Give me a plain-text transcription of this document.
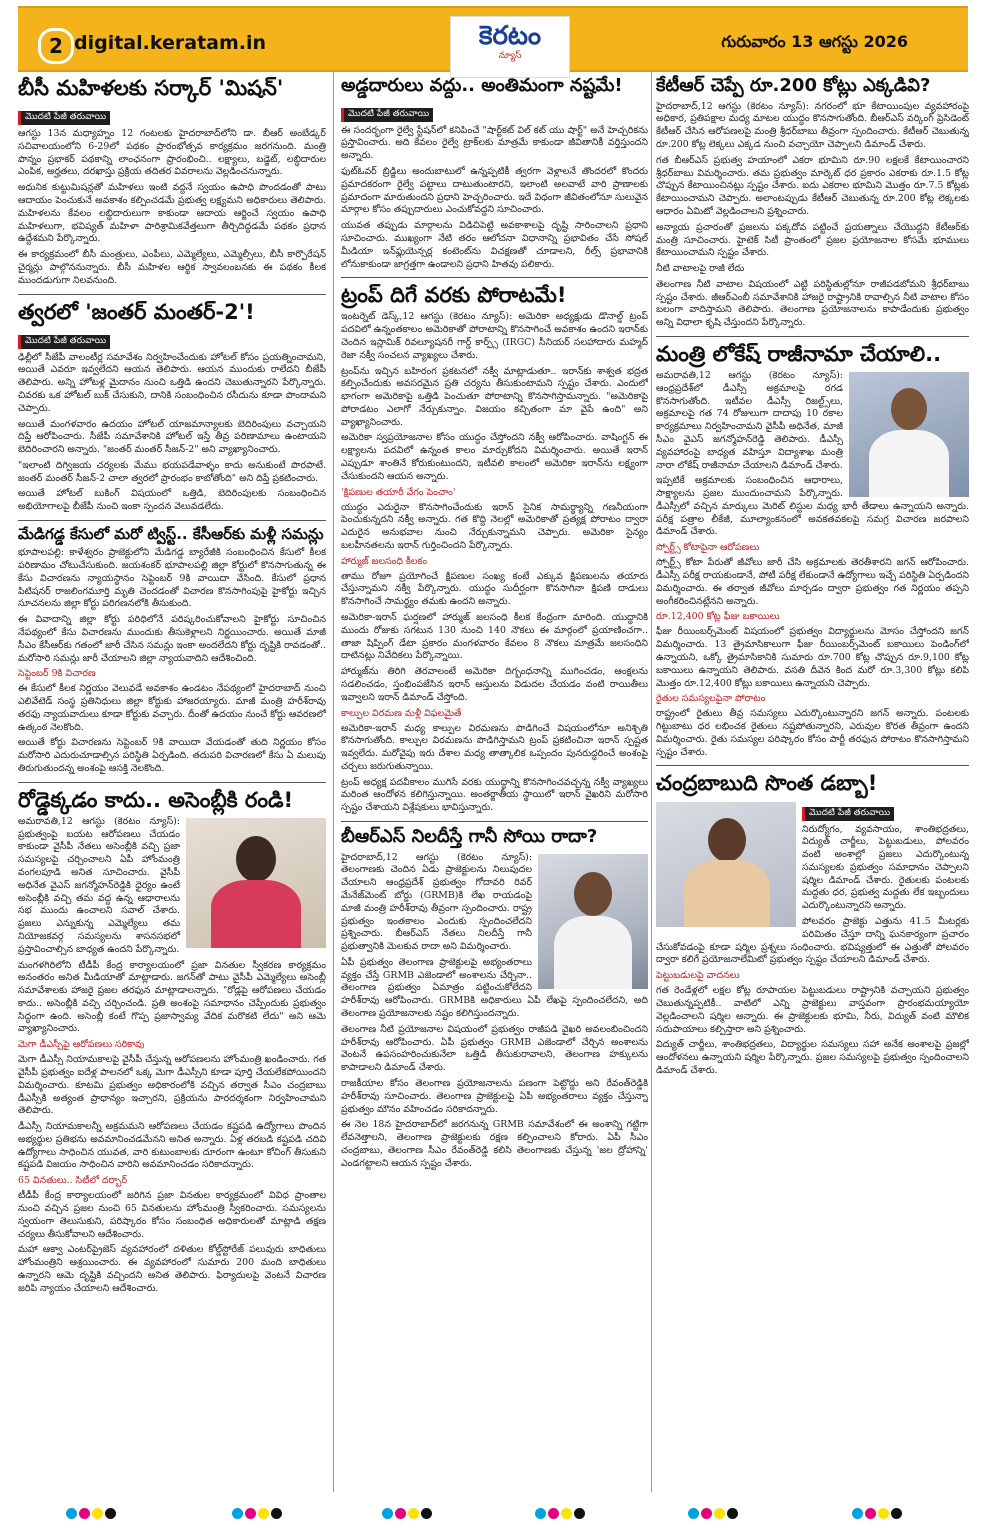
2 digital.keratam.in	కెరటం
న్యూస్
గురువారం 13 ఆగస్టు 2026
బీసీ మహిళలకు సర్కార్ 'మిషన్'
మొదటి పేజీ తరువాయి

ఆగస్టు 13న మధ్యాహ్నం 12 గంటలకు హైదరాబాద్‌లోని డా. బీఆర్ అంబేడ్కర్ సచివాలయంలోని 6-29లో పథకం ప్రారంభోత్సవ కార్యక్రమం జరగనుంది. మంత్రి పొన్నం ప్రభాకర్ పథకాన్ని లాంఛనంగా ప్రారంభించి.. లక్ష్యాలు, బడ్జెట్, లబ్ధిదారుల ఎంపిక, అర్హతలు, దరఖాస్తు ప్రక్రియ తదితర వివరాలను వెల్లడించనున్నారు.

అధునిక కుట్టుమిషన్లతో మహిళలు ఇంటి వద్దనే స్వయం ఉపాధి పొందడంతో పాటు ఆదాయం పెంచుకునే అవకాశం కల్పించడమే ప్రభుత్వ లక్ష్యమని అధికారులు తెలిపారు. మహిళలను కేవలం లబ్ధిదారులుగా కాకుండా ఆదాయ ఆర్జించే స్వయం ఉపాధి మహిళలుగా, భవిష్యత్ మహిళా పారిశ్రామికవేత్తలుగా తీర్చిదిద్దడమే పథకం ప్రధాన ఉద్దేశమని పేర్కొన్నారు.

ఈ కార్యక్రమంలో బీసీ మంత్రులు, ఎంపీలు, ఎమ్మెల్యేలు, ఎమ్మెల్సీలు, బీసీ కార్పొరేషన్ చైర్మన్లు పాల్గొననున్నారు. బీసీ మహిళల ఆర్థిక స్వావలంబనకు ఈ పథకం కీలక ముందడుగుగా నిలవనుంది.

త్వరలో 'జంతర్ మంతర్-2'!
మొదటి పేజీ తరువాయి

ఢిల్లీలో సీజేపీ వాలంటీర్ల సమావేశం నిర్వహించేందుకు హోటల్ కోసం ప్రయత్నించామని, అయితే ఎవరూ ఇవ్వలేదని ఆయన తెలిపారు. ఆయన ముందుకు రాలేదని బీజేపీ తెలిపారు. అన్ని హోటళ్ల మైదానం నుంచి ఒత్తిడి ఉందని చెబుతున్నారని పేర్కొన్నారు. చివరకు ఒక హోటల్ బుక్ చేసుకుని, దానికి సంబంధించిన రసీదును కూడా పొందామని చెప్పారు.

అయితే మంగళవారం ఉదయం హోటల్ యాజమాన్యాలకు బెదిరింపులు వచ్చాయని దిప్తే ఆరోపించారు. సీజేపీ సమావేశానికి హోటల్ ఇస్తే తీవ్ర పరిణామాలు ఉంటాయని బెదిరించారని అన్నారు. "జంతర్ మంతర్ సీజన్-2" అని వ్యాఖ్యానించారు.

"ఇలాంటి దిగ్విజయ చర్యలకు మేము భయపడేవాళ్ళం కాదు అనుకుంటే పొరపాటే. జంతర్ మంతర్ సీజన్-2 చాలా త్వరలో ప్రారంభం కాబోతోంది" అని దిప్తే ప్రకటించారు.

అయితే హోటల్ బుకింగ్ విషయంలో ఒత్తిడి, బెదిరింపులకు సంబంధించిన అభియోగాలపై బీజేపీ నుంచి ఇంకా స్పందన వెలువడలేదు.

మేడిగడ్డ కేసులో మరో ట్విస్ట్.. కేసీఆర్‌కు మళ్లీ సమన్లు

భూపాలపల్లి: కాళేశ్వరం ప్రాజెక్టులోని మేడిగడ్డ బ్యారేజీకి సంబంధించిన కేసులో కీలక పరిణామం చోటుచేసుకుంది. జయశంకర్ భూపాలపల్లి జిల్లా కోర్టులో కొనసాగుతున్న ఈ కేసు విచారణను న్యాయస్థానం సెప్టెంబర్ 9కి వాయిదా వేసింది. కేసులో ప్రధాన పిటిషనర్ రాజలింగమూర్తి మృతి చెందడంతో విచారణ కొనసాగింపుపై హైకోర్టు ఇచ్చిన సూచనలను జిల్లా కోర్టు పరిగణనలోకి తీసుకుంది.

ఈ వివాదాన్ని జిల్లా కోర్టు పరిధిలోనే పరిష్కరించుకోవాలని హైకోర్టు సూచించిన నేపథ్యంలో కేసు విచారణను ముందుకు తీసుకెళ్లాలని నిర్ణయించారు. అయితే మాజీ సీఎం కేసీఆర్‌కు గతంలో జారీ చేసిన సమన్లు ఇంకా అందలేదని కోర్టు దృష్టికి రావడంతో.. మరోసారి సమన్లు జారీ చేయాలని జిల్లా న్యాయవాదిని ఆదేశించింది.

సెప్టెంబర్ 9కి విచారణ

ఈ కేసులో కీలక నిర్ణయం వెలువడే అవకాశం ఉండటం నేపథ్యంలో హైదరాబాద్ నుంచి ఎలివేటెడ్ సంస్థ ప్రతినిధులు జిల్లా కోర్టుకు హాజరయ్యారు. మాజీ మంత్రి హరీశ్‌రావు తరఫు న్యాయవాదులు కూడా కోర్టుకు వచ్చారు. దీంతో ఉదయం నుంచే కోర్టు ఆవరణలో ఉత్కంఠ నెలకొంది.

అయితే కోర్టు విచారణను సెప్టెంబర్ 9కి వాయిదా వేయడంతో తుది నిర్ణయం కోసం మరోసారి ఎదురుచూడాల్సిన పరిస్థితి ఏర్పడింది. తదుపరి విచారణలో కేసు ఏ మలుపు తిరుగుతుందన్న అంశంపై ఆసక్తి నెలకొంది.

రోడ్డెక్కడం కాదు.. అసెంబ్లీకి రండి!

అమరావతి,12 ఆగస్టు (కెరటం న్యూస్): ప్రభుత్వంపై బయట ఆరోపణలు చేయడం కాకుండా వైసీపీ నేతలు అసెంబ్లీకి వచ్చి ప్రజా సమస్యలపై చర్చించాలని ఏపీ హోంమంత్రి వంగలపూడి అనిత సూచించారు. వైసీపీ అధినేత వైఎస్ జగన్మోహన్‌రెడ్డికి ధైర్యం ఉంటే అసెంబ్లీకి వచ్చి తమ వద్ద ఉన్న ఆధారాలను సభ ముందు ఉంచాలని సవాల్ చేశారు. ప్రజలు ఎన్నుకున్న ఎమ్మెల్యేలు తమ నియోజకవర్గ సమస్యలను శాసనసభలో ప్రస్తావించాల్సిన బాధ్యత ఉందని పేర్కొన్నారు.

మంగళగిరిలోని టీడీపీ కేంద్ర కార్యాలయంలో ప్రజా వినతుల స్వీకరణ కార్యక్రమం అనంతరం అనిత మీడియాతో మాట్లాడారు. జగన్‌తో పాటు వైసీపీ ఎమ్మెల్యేలు అసెంబ్లీ సమావేశాలకు హాజరై ప్రజల తరఫున మాట్లాడాలన్నారు. "రోడ్లపై ఆరోపణలు చేయడం కాదు.. అసెంబ్లీకి వచ్చి చర్చించండి. ప్రతి అంశంపై సమాధానం చెప్పేందుకు ప్రభుత్వం సిద్ధంగా ఉంది. అసెంబ్లీ కంటే గొప్ప ప్రజాస్వామ్య వేదిక మరొకటి లేదు" అని ఆమె వ్యాఖ్యానించారు.

మెగా డీఎస్సీపై ఆరోపణలు సరికావు

మెగా డీఎస్సీ నియామకాలపై వైసీపీ చేస్తున్న ఆరోపణలను హోంమంత్రి ఖండించారు. గత వైసీపీ ప్రభుత్వం ఐదేళ్ల పాలనలో ఒక్క మెగా డీఎస్సీని కూడా పూర్తి చేయలేకపోయిందని విమర్శించారు. కూటమి ప్రభుత్వం అధికారంలోకి వచ్చిన తర్వాత సీఎం చంద్రబాబు డీఎస్సీకి అత్యంత ప్రాధాన్యం ఇచ్చారని, ప్రక్రియను పారదర్శకంగా నిర్వహించామని తెలిపారు.

డీఎస్సీ నియామకాలన్నీ అక్రమమని ఆరోపణలు చేయడం కష్టపడి ఉద్యోగాలు పొందిన అభ్యర్థుల ప్రతిభను అవమానించడమేనని అనిత అన్నారు. ఏళ్ల తరబడి కష్టపడి చదివి ఉద్యోగాలు సాధించిన యువత, వారి కుటుంబాలకు దూరంగా ఉంటూ కోచింగ్ తీసుకుని కష్టపడి విజయం సాధించిన వారిని అవమానించడం సరికాదన్నారు.

65 వినతులు.. సిటీలో దర్బార్

టీడీపీ కేంద్ర కార్యాలయంలో జరిగిన ప్రజా వినతుల కార్యక్రమంలో వివిధ ప్రాంతాల నుంచి వచ్చిన ప్రజల నుంచి 65 వినతులను హోంమంత్రి స్వీకరించారు. సమస్యలను స్వయంగా తెలుసుకుని, పరిష్కారం కోసం సంబంధిత అధికారులతో మాట్లాడి తక్షణ చర్యలు తీసుకోవాలని ఆదేశించారు.

మహా ఆక్వా ఎంటర్‌ప్రైజెస్ వ్యవహారంలో దళితుల కోల్డ్‌స్టోరేజ్ పలువురు బాధితులు హోంమంత్రిని ఆశ్రయించారు. ఈ వ్యవహారంలో సుమారు 200 మంది బాధితులు ఉన్నారని ఆమె దృష్టికి వచ్చిందని అనిత తెలిపారు. ఫిర్యాదులపై వెంటనే విచారణ జరిపి న్యాయం చేయాలని ఆదేశించారు.

అడ్డదారులు వద్దు.. అంతిమంగా నష్టమే!
మొదటి పేజీ తరువాయి

ఈ సందర్భంగా రైల్వే స్టేషన్‌లో కనిపించే "షార్ట్‌కట్ విల్ కట్ యు షార్ట్" అనే హెచ్చరికను ప్రస్తావించారు. అది కేవలం రైల్వే ట్రాక్‌లకు మాత్రమే కాకుండా జీవితానికీ వర్తిస్తుందని అన్నారు.

ఫుట్‌ఓవర్ బ్రిడ్జిలు అందుబాటులో ఉన్నప్పటికీ త్వరగా వెళ్లాలనే తొందరలో కొందరు ప్రమాదకరంగా రైల్వే పట్టాలు దాటుతుంటారని, ఇలాంటి అలవాటే వారి ప్రాణాలకు ప్రమాదంగా మారుతుందని ప్రధాని హెచ్చరించారు. ఇదే విధంగా జీవితంలోనూ సులువైన మార్గాల కోసం తప్పుదారులు ఎంచుకోవద్దని సూచించారు.

యువత తప్పుడు మార్గాలను విడిచిపెట్టి అవకాశాలపై దృష్టి సారించాలని ప్రధాని సూచించారు. ముఖ్యంగా నేటి తరం ఆలోచనా విధానాన్ని ప్రభావితం చేసే సోషల్ మీడియా ఇన్‌ఫ్లుయెన్సర్ల కంటెంట్‌ను విచక్షణతో చూడాలని, రీల్స్ ప్రభావానికి లోనుకాకుండా జాగ్రత్తగా ఉండాలని ప్రధాని హితవు పలికారు.

ట్రంప్ దిగే వరకు పోరాటమే!

ఇంటర్నెట్ డెస్క్,12 ఆగస్టు (కెరటం న్యూస్): అమెరికా అధ్యక్షుడు డొనాల్డ్ ట్రంప్ పదవిలో ఉన్నంతకాలం అమెరికాతో పోరాటాన్ని కొనసాగించే అవకాశం ఉందని ఇరాన్‌కు చెందిన ఇస్లామిక్ రివల్యూషనరీ గార్డ్ కార్ప్స్ (IRGC) సీనియర్ సలహాదారు మహ్మద్ రెజా నక్వీ సంచలన వ్యాఖ్యలు చేశారు.

ట్రంప్‌ను ఇచ్చిన బహిరంగ ప్రకటనలో నక్వీ మాట్లాడుతూ.. ఇరాన్‌కు శాశ్వత భద్రత కల్పించేందుకు అవసరమైన ప్రతి చర్యను తీసుకుంటామని స్పష్టం చేశారు. ఎందులో భాగంగా అమెరికాపై ఒత్తిడి పెంచుతూ పోరాటాన్ని కొనసాగిస్తామన్నారు. "అమెరికాపై పోరాడటం ఎలాగో నేర్చుకున్నాం. విజయం కచ్చితంగా మా వైపే ఉంది" అని వ్యాఖ్యానించారు.

అమెరికా స్వప్రయోజనాల కోసం యుద్ధం చేస్తోందని నక్వీ ఆరోపించారు. వాషింగ్టన్ ఈ లక్ష్యాలను పదవిలో ఉన్నంత కాలం మార్చుకోదని విమర్శించారు. అయితే ఇరాన్ ఎప్పుడూ శాంతినే కోరుకుంటుందని, ఇటీవలి కాలంలో అమెరికా ఇరాన్‌ను లక్ష్యంగా చేసుకుందని ఆయన అన్నారు.

'క్షిపణుల తయారీ వేగం పెంచాం'

యుద్ధం ఎదురైనా కొనసాగించేందుకు ఇరాన్ సైనిక సామర్థ్యాన్ని గణనీయంగా పెంచుకున్నదని నక్వీ అన్నారు. గత కొద్ది నెలల్లో అమెరికాతో ప్రత్యక్ష పోరాటం ద్వారా ఎదురైన అనుభవాల నుంచి నేర్చుకున్నామని చెప్పారు. అమెరికా సైన్యం బలహీనతలను ఇరాన్ గుర్తించిందని పేర్కొన్నారు.

హార్ముజ్ జలసంధి కీలకం

తాము రోజూ ప్రయోగించే క్షిపణుల సంఖ్య కంటే ఎక్కువ క్షిపణులను తయారు చేస్తున్నామని నక్వీ పేర్కొన్నారు. యుద్ధం సుదీర్ఘంగా కొనసాగినా క్షిపణి దాడులు కొనసాగించే సామర్థ్యం తమకు ఉందని అన్నారు.

అమెరికా-ఇరాన్ ఘర్షణలో హార్ముజ్ జలసంధి కీలక కేంద్రంగా మారింది. యుద్ధానికి ముందు రోజుకు సగటున 130 నుంచి 140 నౌకలు ఈ మార్గంలో ప్రయాణించగా.. తాజా షిప్పింగ్ డేటా ప్రకారం మంగళవారం కేవలం 8 నౌకలు మాత్రమే జలసంధిని దాటినట్లు నివేదికలు పేర్కొన్నాయి.

హార్ముజ్‌ను తిరిగి తెరవాలంటే అమెరికా దిగ్బంధనాన్ని ముగించడం, ఆంక్షలను సడలించడం, స్తంభింపజేసిన ఇరాన్ ఆస్తులను విడుదల చేయడం వంటి రాయితీలు ఇవ్వాలని ఇరాన్ డిమాండ్ చేస్తోంది.

కాల్పుల విరమణ మళ్లీ విఫలమైతే

అమెరికా-ఇరాన్ మధ్య కాల్పుల విరమణను పొడిగించే విషయంలోనూ అనిశ్చితి కొనసాగుతోంది. కాల్పుల విరమణను పొడిగిస్తామని ట్రంప్ ప్రకటించినా ఇరాన్ స్పష్టత ఇవ్వలేదు. మరోవైపు ఇరు దేశాల మధ్య తాత్కాలిక ఒప్పందం పునరుద్ధరించే అంశంపై చర్చలు జరుగుతున్నాయి.

ట్రంప్ అధ్యక్ష పదవీకాలం ముగిసే వరకు యుద్ధాన్ని కొనసాగించవచ్చన్న నక్వీ వ్యాఖ్యలు మరింత ఆందోళన కలిగిస్తున్నాయి. అంతర్జాతీయ స్థాయిలో ఇరాన్ వైఖరిని మరోసారి స్పష్టం చేశాయని విశ్లేషకులు భావిస్తున్నారు.

బీఆర్ఎస్ నిలదీస్తే గానీ సోయి రాదా?

హైదరాబాద్,12 ఆగస్టు (కెరటం న్యూస్): తెలంగాణకు చెందిన ఏడు ప్రాజెక్టులను నిలుపుదల చేయాలని ఆంధ్రప్రదేశ్ ప్రభుత్వం గోదావరి రివర్ మేనేజ్‌మెంట్ బోర్డు (GRMB)కి లేఖ రాయడంపై మాజీ మంత్రి హరీశ్‌రావు తీవ్రంగా స్పందించారు. రాష్ట్ర ప్రభుత్వం ఇంతకాలం ఎందుకు స్పందించలేదని ప్రశ్నించారు. బీఆర్ఎస్ నేతలు నిలదీస్తే గానీ ప్రభుత్వానికి మెలకువ రాదా అని విమర్శించారు.

ఏపీ ప్రభుత్వం తెలంగాణ ప్రాజెక్టులపై అభ్యంతరాలు వ్యక్తం చేస్తే GRMB ఎజెండాలో అంశాలను చేర్చినా.. తెలంగాణ ప్రభుత్వం ఏమాత్రం పట్టించుకోలేదని హరీశ్‌రావు ఆరోపించారు. GRMBకి అధికారులు ఏపీ లేఖపై స్పందించలేదని, అది తెలంగాణ ప్రయోజనాలకు నష్టం కలిగిస్తుందన్నారు.

తెలంగాణ నీటి ప్రయోజనాల విషయంలో ప్రభుత్వం రాజీపడి వైఖరి అవలంబించిందని హరీశ్‌రావు ఆరోపించారు. ఏపీ ప్రభుత్వం GRMB ఎజెండాలో చేర్చిన అంశాలను వెంటనే ఉపసంహరించుకునేలా ఒత్తిడి తీసుకురావాలని, తెలంగాణ హక్కులను కాపాడాలని డిమాండ్ చేశారు.

రాజకీయాల కోసం తెలంగాణ ప్రయోజనాలను పణంగా పెట్టొద్దు అని రేవంత్‌రెడ్డికి హరీశ్‌రావు సూచించారు. తెలంగాణ ప్రాజెక్టులపై ఏపీ అభ్యంతరాలు వ్యక్తం చేస్తున్నా ప్రభుత్వం మౌనం వహించడం సరికాదన్నారు.

ఈ నెల 18న హైదరాబాద్‌లో జరగనున్న GRMB సమావేశంలో ఈ అంశాన్ని గట్టిగా లేవనెత్తాలని, తెలంగాణ ప్రాజెక్టులకు రక్షణ కల్పించాలని కోరారు. ఏపీ సీఎం చంద్రబాబు, తెలంగాణ సీఎం రేవంత్‌రెడ్డి కలిసి తెలంగాణకు చేస్తున్న 'జల ద్రోహాన్ని' ఎండగట్టాలని ఆయన స్పష్టం చేశారు.

కేటీఆర్ చెప్పే రూ.200 కోట్లు ఎక్కడివి?

హైదరాబాద్,12 ఆగస్టు (కెరటం న్యూస్): నగరంలో భూ కేటాయింపుల వ్యవహారంపై అధికార, ప్రతిపక్షాల మధ్య మాటల యుద్ధం కొనసాగుతోంది. బీఆర్ఎస్ వర్కింగ్ ప్రెసిడెంట్ కేటీఆర్ చేసిన ఆరోపణలపై మంత్రి శ్రీధర్‌బాబు తీవ్రంగా స్పందించారు. కేటీఆర్ చెబుతున్న రూ.200 కోట్ల లెక్కలు ఎక్కడ నుంచి వచ్చాయో చెప్పాలని డిమాండ్ చేశారు.

గత బీఆర్ఎస్ ప్రభుత్వ హయాంలో ఎకరా భూమిని రూ.90 లక్షలకే కేటాయించారని శ్రీధర్‌బాబు విమర్శించారు. తమ ప్రభుత్వం మార్కెట్ ధర ప్రకారం ఎకరాకు రూ.1.5 కోట్ల చొప్పున కేటాయించినట్లు స్పష్టం చేశారు. ఐదు ఎకరాల భూమిని మొత్తం రూ.7.5 కోట్లకు కేటాయించామని చెప్పారు. అలాంటప్పుడు కేటీఆర్ చెబుతున్న రూ.200 కోట్ల లెక్కలకు ఆధారం ఏమిటో వెల్లడించాలని ప్రశ్నించారు.

అన్యాయ ప్రచారంతో ప్రజలను పక్కదోవ పట్టించే ప్రయత్నాలు చేయొద్దని కేటీఆర్‌కు మంత్రి సూచించారు. హైటెక్ సిటీ ప్రాంతంలో ప్రజల ప్రయోజనాల కోసమే భూములు కేటాయించామని స్పష్టం చేశారు.

నీటి వాటాలపై రాజీ లేదు

తెలంగాణ నీటి వాటాల విషయంలో ఎట్టి పరిస్థితుల్లోనూ రాజీపడబోమని శ్రీధర్‌బాబు స్పష్టం చేశారు. జీఆర్ఎంబీ సమావేశానికి హాజరై రాష్ట్రానికి రావాల్సిన నీటి వాటాల కోసం బలంగా వాదిస్తామని తెలిపారు. తెలంగాణ ప్రయోజనాలను కాపాడేందుకు ప్రభుత్వం అన్ని విధాలా కృషి చేస్తుందని పేర్కొన్నారు.

మంత్రి లోకేష్ రాజీనామా చేయాలి..

అమరావతి,12 ఆగస్టు (కెరటం న్యూస్): ఆంధ్రప్రదేశ్‌లో డీఎస్సీ అక్రమాలపై రగడ కొనసాగుతోంది. ఇటీవల డీఎస్సీ రిజల్ట్స్‌లు, అక్రమాలపై గత 74 రోజులుగా దాదాపు 10 రకాల కార్యక్రమాలు నిర్వహించామని వైసీపీ అధినేత, మాజీ సీఎం వైఎస్ జగన్మోహన్‌రెడ్డి తెలిపారు. డీఎస్సీ వ్యవహారంపై బాధ్యత వహిస్తూ విద్యాశాఖ మంత్రి నారా లోకేష్ రాజీనామా చేయాలని డిమాండ్ చేశారు.

ఇప్పటికే అక్రమాలకు సంబంధించిన ఆధారాలు, సాక్ష్యాలను ప్రజల ముందుంచామని పేర్కొన్నారు. డీఎస్సీలో వచ్చిన మార్కులు మెరిట్ లిస్టుల మధ్య భారీ తేడాలు ఉన్నాయని అన్నారు. పరీక్ష పత్రాల లీకేజీ, మూల్యాంకనంలో అవకతవకలపై సమగ్ర విచారణ జరపాలని డిమాండ్ చేశారు.

స్పోర్ట్స్ కోటాపైనా ఆరోపణలు

స్పోర్ట్స్ కోటా పేరుతో జీవోలు జారీ చేసి అక్రమాలకు తెరతీశారని జగన్ ఆరోపించారు. డీఎస్సీ పరీక్ష రాయకుండానే, పోటీ పరీక్ష లేకుండానే ఉద్యోగాలు ఇచ్చే పరిస్థితి ఏర్పడిందని విమర్శించారు. ఈ తర్వాత జీవోలు మార్చడం ద్వారా ప్రభుత్వం గత నిర్ణయం తప్పని అంగీకరించినట్లేనని అన్నారు.

రూ.12,400 కోట్ల ఫీజు బకాయిలు

ఫీజు రీయింబర్స్‌మెంట్ విషయంలో ప్రభుత్వం విద్యార్థులను మోసం చేస్తోందని జగన్ విమర్శించారు. 13 త్రైమాసికాలుగా ఫీజు రీయింబర్స్‌మెంట్ బకాయిలు పెండింగ్‌లో ఉన్నాయని, ఒక్కో త్రైమాసికానికి సుమారు రూ.700 కోట్ల చొప్పున రూ.9,100 కోట్ల బకాయిలు ఉన్నాయని తెలిపారు. వసతి దీవెన కింద మరో రూ.3,300 కోట్లు కలిపి మొత్తం రూ.12,400 కోట్లు బకాయిలు ఉన్నాయని చెప్పారు.

రైతుల సమస్యలపైనా పోరాటం

రాష్ట్రంలో రైతులు తీవ్ర సమస్యలు ఎదుర్కొంటున్నారని జగన్ అన్నారు. పంటలకు గిట్టుబాటు ధర లభించక రైతులు నష్టపోతున్నారని, ఎరువుల కొరత తీవ్రంగా ఉందని విమర్శించారు. రైతు సమస్యల పరిష్కారం కోసం పార్టీ తరఫున పోరాటం కొనసాగిస్తామని స్పష్టం చేశారు.

చంద్రబాబుది సొంత డబ్బా!
మొదటి పేజీ తరువాయి

నిరుద్యోగం, వ్యవసాయం, శాంతిభద్రతలు, విద్యుత్ చార్జీలు, పెట్టుబడులు, పోలవరం వంటి అంశాల్లో ప్రజలు ఎదుర్కొంటున్న సమస్యలకు ప్రభుత్వం సమాధానం చెప్పాలని షర్మిల డిమాండ్ చేశారు. రైతులకు పంటలకు మద్దతు ధర, ప్రభుత్వ మద్దతు లేక ఇబ్బందులు ఎదుర్కొంటున్నారని అన్నారు.

పోలవరం ప్రాజెక్టు ఎత్తును 41.5 మీటర్లకు పరిమితం చేస్తూ దాన్ని ఘనకార్యంగా ప్రచారం చేసుకోవడంపై కూడా షర్మిల ప్రశ్నలు సంధించారు. భవిష్యత్తులో ఈ ఎత్తుతో పోలవరం ద్వారా కలిగే ప్రయోజనాలేమిటో ప్రభుత్వం స్పష్టం చేయాలని డిమాండ్ చేశారు.

పెట్టుబడులపై వాదనలు

గత రెండేళ్లలో లక్షల కోట్ల రూపాయల పెట్టుబడులు రాష్ట్రానికి వచ్చాయని ప్రభుత్వం చెబుతున్నప్పటికీ.. వాటిలో ఎన్ని ప్రాజెక్టులు వాస్తవంగా ప్రారంభమయ్యాయో వెల్లడించాలని షర్మిల అన్నారు. ఈ ప్రాజెక్టులకు భూమి, నీరు, విద్యుత్ వంటి మౌలిక సదుపాయాలు కల్పిస్తారా అని ప్రశ్నించారు.

విద్యుత్ చార్జీలు, శాంతిభద్రతలు, విద్యార్థుల సమస్యలు సహా అనేక అంశాలపై ప్రజల్లో ఆందోళనలు ఉన్నాయని షర్మిల పేర్కొన్నారు. ప్రజల సమస్యలపై ప్రభుత్వం స్పందించాలని డిమాండ్ చేశారు.
